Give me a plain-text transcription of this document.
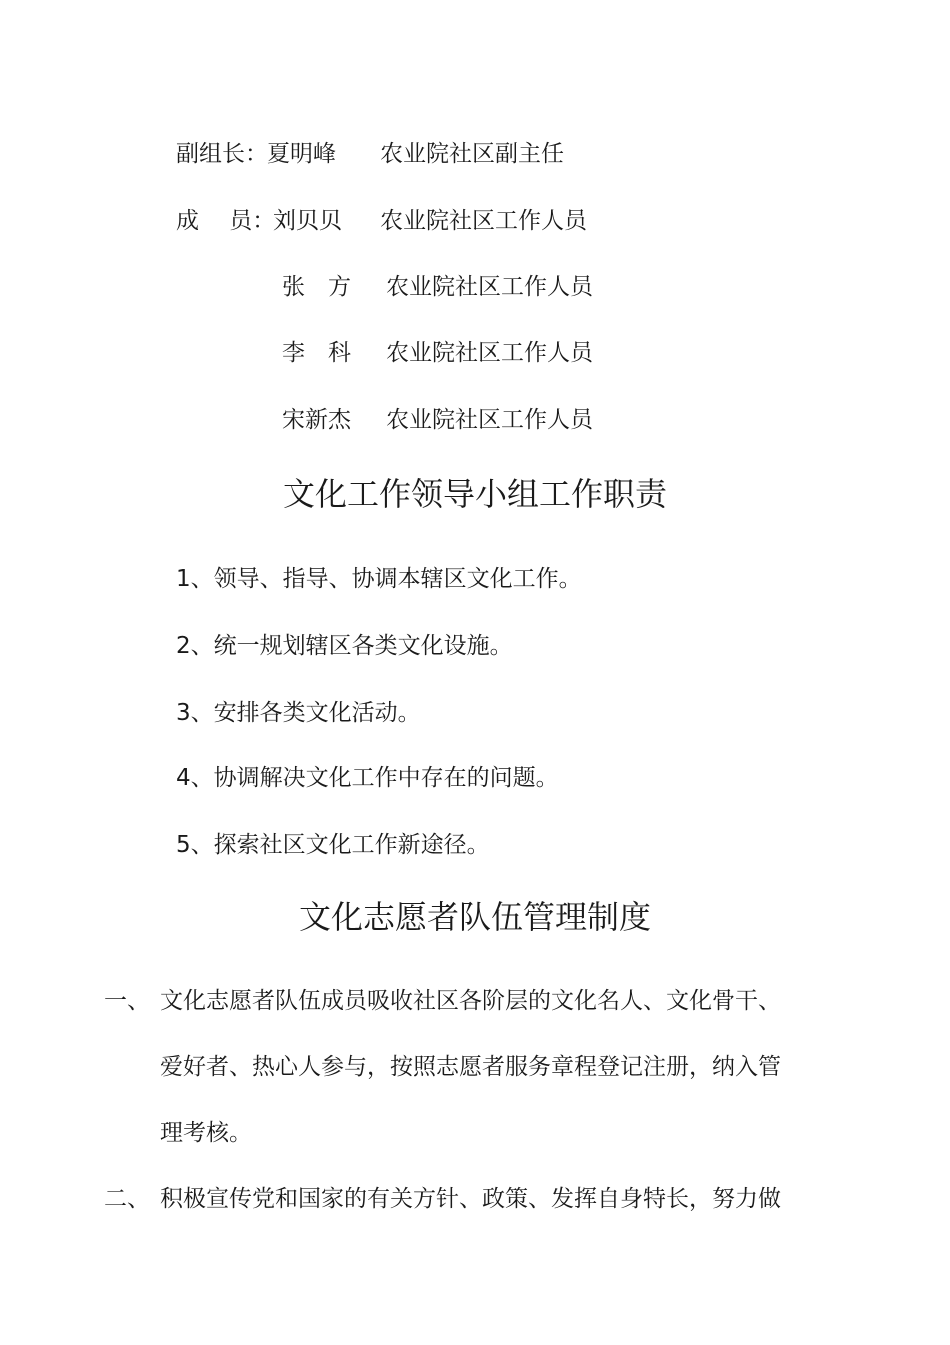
副组长： 夏明峰 农业院社区副主任
成　 员：
刘贝贝 农业院社区工作人员
张　方 农业院社区工作人员
李　科 农业院社区工作人员
宋新杰 农业院社区工作人员
文化工作领导小组工作职责
1、领导、指导、协调本辖区文化工作。
2、统一规划辖区各类文化设施。
3、安排各类文化活动。
4、协调解决文化工作中存在的问题。
5、探索社区文化工作新途径。
文化志愿者队伍管理制度
一、 文化志愿者队伍成员吸收社区各阶层的文化名人、文化骨干、
爱好者、热心人参与，按照志愿者服务章程登记注册，纳入管
理考核。
二、 积极宣传党和国家的有关方针、政策、发挥自身特长，努力做
